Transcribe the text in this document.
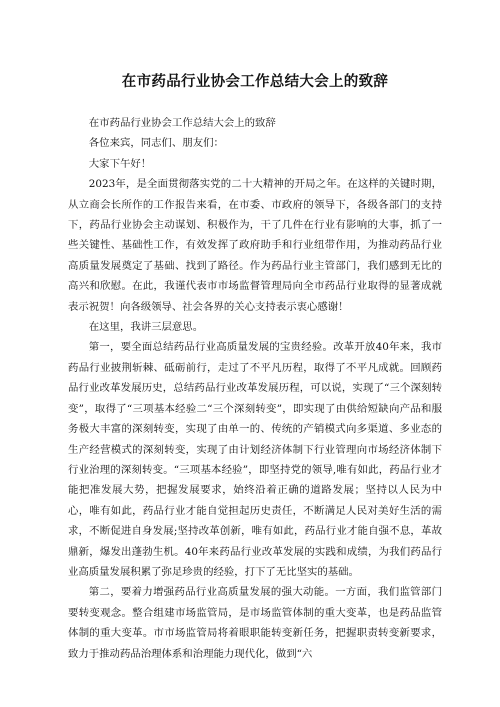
在市药品行业协会工作总结大会上的致辞

在市药品行业协会工作总结大会上的致辞

各位来宾，同志们、朋友们：

大家下午好！

2023年，是全面贯彻落实党的二十大精神的开局之年。在这样的关键时期，从立商会长所作的工作报告来看，在市委、市政府的领导下，各级各部门的支持下，药品行业协会主动谋划、积极作为，干了几件在行业有影响的大事，抓了一些关键性、基础性工作，有效发挥了政府助手和行业纽带作用，为推动药品行业高质量发展奠定了基础、找到了路径。作为药品行业主管部门，我们感到无比的高兴和欣慰。在此，我谨代表市市场监督管理局向全市药品行业取得的显著成就表示祝贺！向各级领导、社会各界的关心支持表示衷心感谢！

在这里，我讲三层意思。

第一，要全面总结药品行业高质量发展的宝贵经验。改革开放40年来，我市药品行业披荆斩棘、砥砺前行，走过了不平凡历程，取得了不平凡成就。回顾药品行业改革发展历史，总结药品行业改革发展历程，可以说，实现了“三个深刻转变”，取得了“三项基本经验二“三个深刻转变”，即实现了由供给短缺向产品和服务极大丰富的深刻转变，实现了由单一的、传统的产销模式向多渠道、多业态的生产经营模式的深刻转变，实现了由计划经济体制下行业管理向市场经济体制下行业治理的深刻转变。“三项基本经验”，即坚持党的领导,唯有如此，药品行业才能把准发展大势，把握发展要求，始终沿着正确的道路发展；坚持以人民为中心，唯有如此，药品行业才能自觉担起历史责任，不断满足人民对美好生活的需求，不断促进自身发展;坚持改革创新，唯有如此，药品行业才能自强不息，革故鼎新，爆发出蓬勃生机。40年来药品行业改革发展的实践和成绩，为我们药品行业高质量发展积累了弥足珍贵的经验，打下了无比坚实的基础。

第二，要着力增强药品行业高质量发展的强大动能。一方面，我们监管部门要转变观念。整合组建市场监管局，是市场监管体制的重大变革，也是药品监管体制的重大变革。市市场监管局将着眼职能转变新任务，把握职责转变新要求，致力于推动药品治理体系和治理能力现代化，做到“六
